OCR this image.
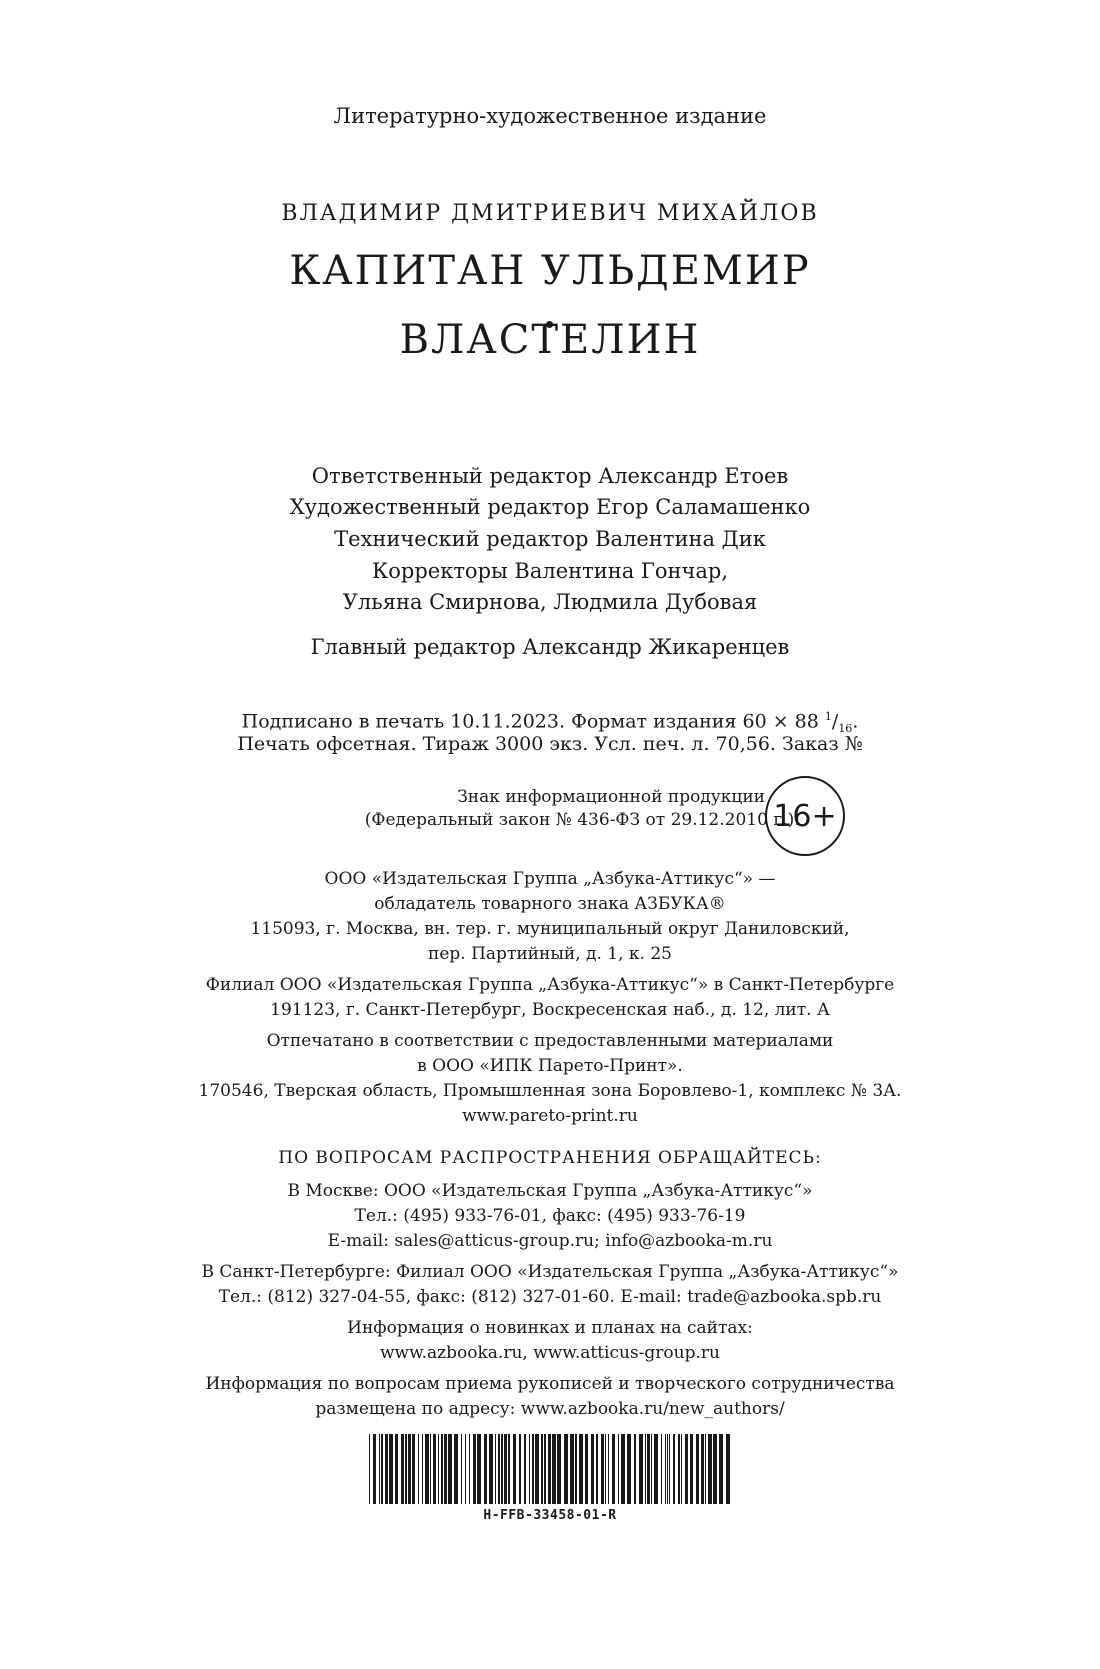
Литературно-художественное издание
ВЛАДИМИР ДМИТРИЕВИЧ МИХАЙЛОВ
КАПИТАН УЛЬДЕМИР
ВЛАСТЕЛИН
Ответственный редактор Александр Етоев
Художественный редактор Егор Саламашенко
Технический редактор Валентина Дик
Корректоры Валентина Гончар,
Ульяна Смирнова, Людмила Дубовая
Главный редактор Александр Жикаренцев
Подписано в печать 10.11.2023. Формат издания 60 × 88 $^1/_{16}$.
Печать офсетная. Тираж 3000 экз. Усл. печ. л. 70,56. Заказ №
Знак информационной продукции
(Федеральный закон № 436-ФЗ от 29.12.2010 г.):
16+
ООО «Издательская Группа „Азбука-Аттикус“» —
обладатель товарного знака АЗБУКА®
115093, г. Москва, вн. тер. г. муниципальный округ Даниловский,
пер. Партийный, д. 1, к. 25
Филиал ООО «Издательская Группа „Азбука-Аттикус“» в Санкт-Петербурге
191123, г. Санкт-Петербург, Воскресенская наб., д. 12, лит. А
Отпечатано в соответствии с предоставленными материалами
в ООО «ИПК Парето-Принт».
170546, Тверская область, Промышленная зона Боровлево-1, комплекс № 3А.
www.pareto-print.ru
ПО ВОПРОСАМ РАСПРОСТРАНЕНИЯ ОБРАЩАЙТЕСЬ:
В Москве: ООО «Издательская Группа „Азбука-Аттикус“»
Тел.: (495) 933-76-01, факс: (495) 933-76-19
E-mail: sales@atticus-group.ru; info@azbooka-m.ru
В Санкт-Петербурге: Филиал ООО «Издательская Группа „Азбука-Аттикус“»
Тел.: (812) 327-04-55, факс: (812) 327-01-60. E-mail: trade@azbooka.spb.ru
Информация о новинках и планах на сайтах:
www.azbooka.ru, www.atticus-group.ru
Информация по вопросам приема рукописей и творческого сотрудничества
размещена по адресу: www.azbooka.ru/new_authors/
H-FFB-33458-01-R
